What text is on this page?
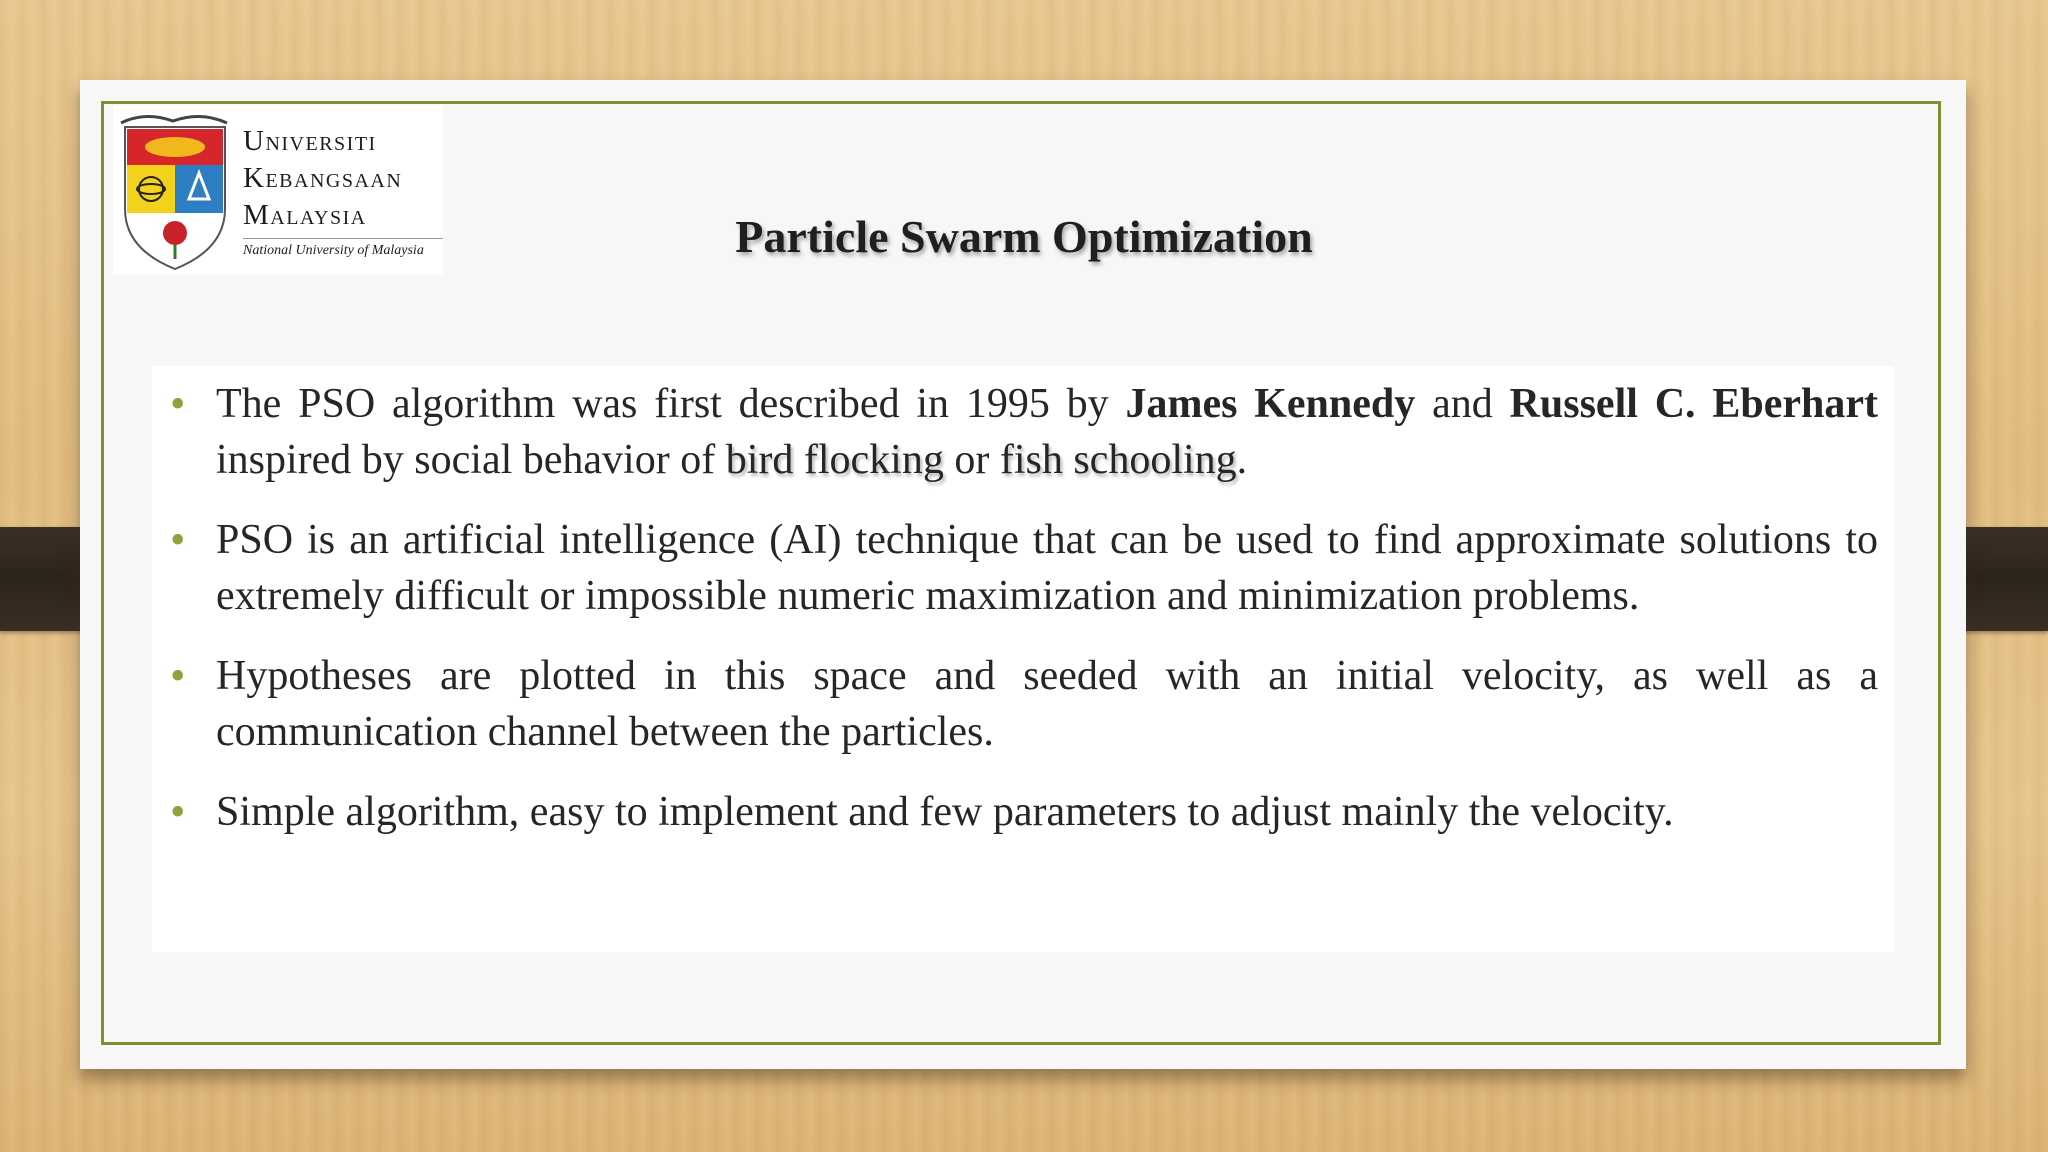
Universiti

Kebangsaan

Malaysia

National University of Malaysia	Particle Swarm Optimization
• The PSO algorithm was first described in 1995 by James Kennedy and Russell C. Eberhart inspired by social behavior of bird flocking or fish schooling.
• PSO is an artificial intelligence (AI) technique that can be used to find approximate solutions to extremely difficult or impossible numeric maximization and minimization problems.
• Hypotheses are plotted in this space and seeded with an initial velocity, as well as a communication channel between the particles.
• Simple algorithm, easy to implement and few parameters to adjust mainly the velocity.
